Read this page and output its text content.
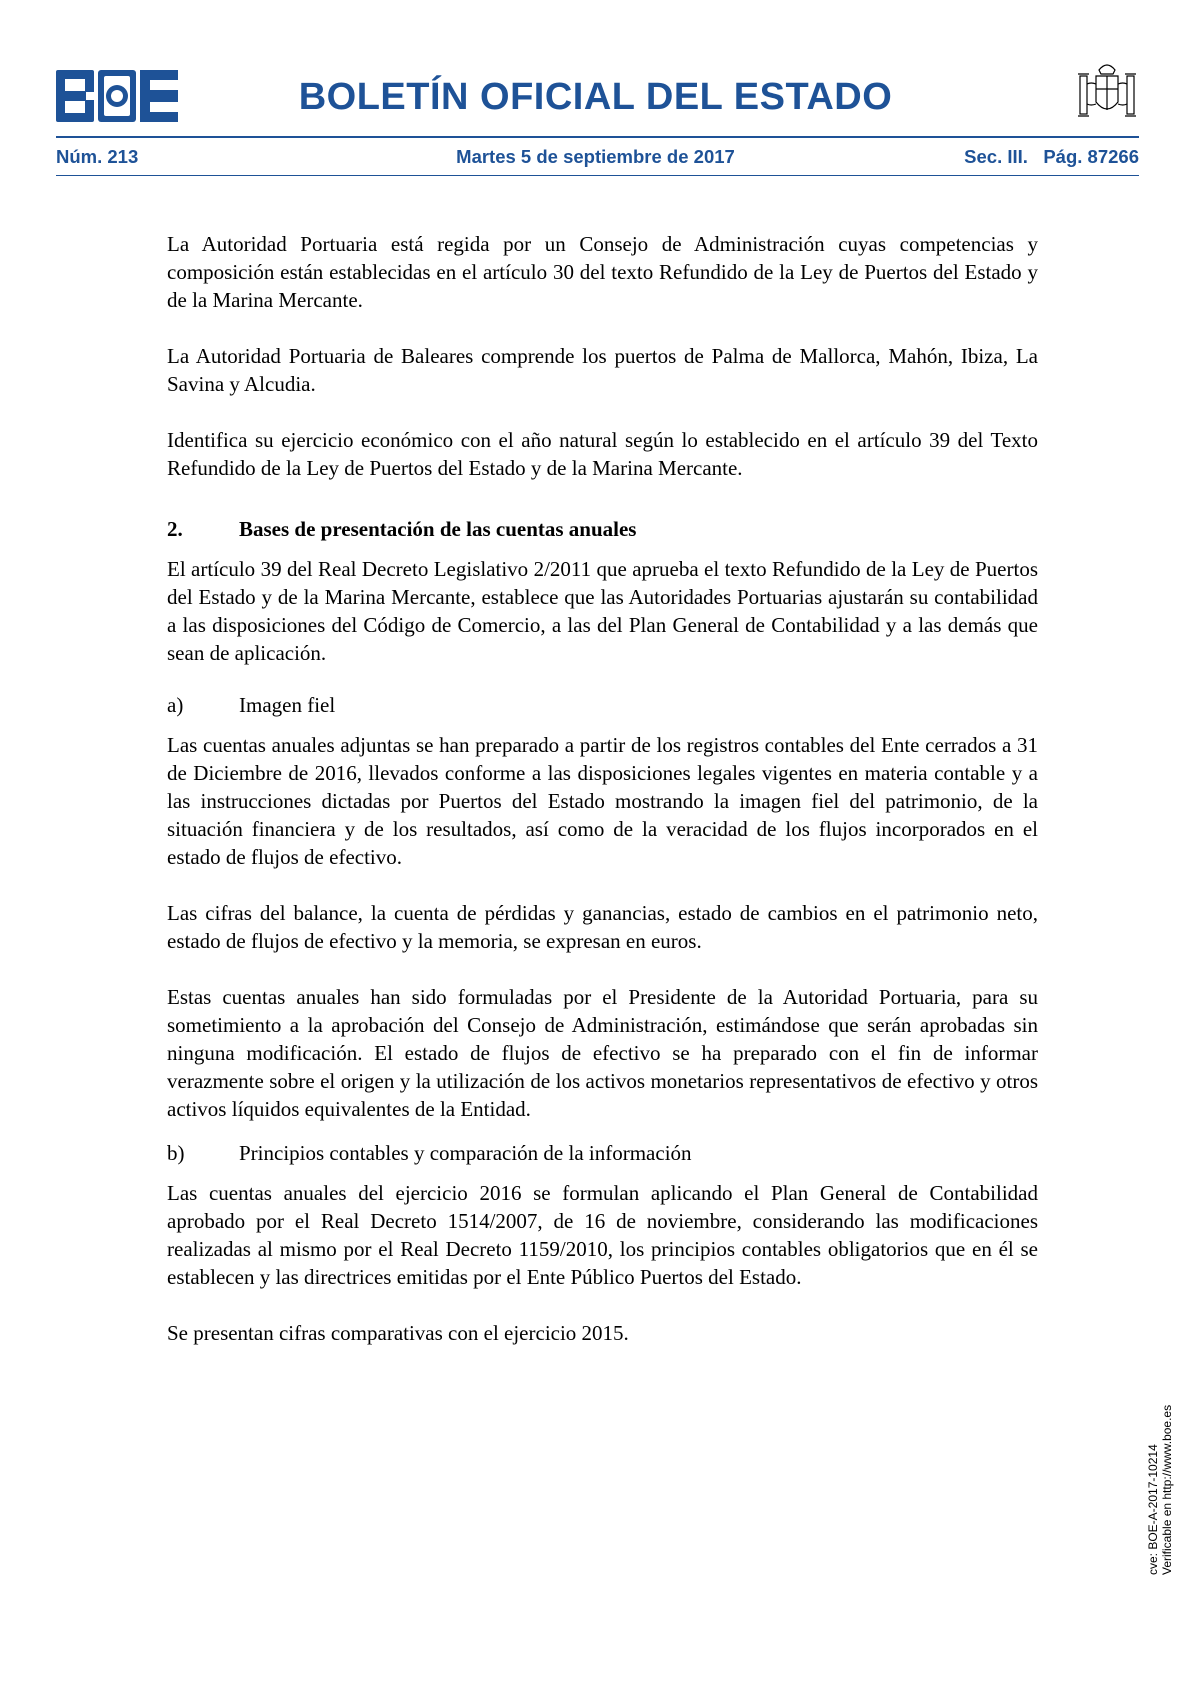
BOLETÍN OFICIAL DEL ESTADO
Núm. 213	Martes 5 de septiembre de 2017	Sec. III.   Pág. 87266

La Autoridad Portuaria está regida por un Consejo de Administración cuyas competencias y composición están establecidas en el artículo 30 del texto Refundido de la Ley de Puertos del Estado y de la Marina Mercante.

La Autoridad Portuaria de Baleares comprende los puertos de Palma de Mallorca, Mahón, Ibiza, La Savina y Alcudia.

Identifica su ejercicio económico con el año natural según lo establecido en el artículo 39 del Texto Refundido de la Ley de Puertos del Estado y de la Marina Mercante.

2.	Bases de presentación de las cuentas anuales

El artículo 39 del Real Decreto Legislativo 2/2011 que aprueba el texto Refundido de la Ley de Puertos del Estado y de la Marina Mercante, establece que las Autoridades Portuarias ajustarán su contabilidad a las disposiciones del Código de Comercio, a las del Plan General de Contabilidad y a las demás que sean de aplicación.

a)	Imagen fiel

Las cuentas anuales adjuntas se han preparado a partir de los registros contables del Ente cerrados a 31 de Diciembre de 2016, llevados conforme a las disposiciones legales vigentes en materia contable y a las instrucciones dictadas por Puertos del Estado mostrando la imagen fiel del patrimonio, de la situación financiera y de los resultados, así como de la veracidad de los flujos incorporados en el estado de flujos de efectivo.

Las cifras del balance, la cuenta de pérdidas y ganancias, estado de cambios en el patrimonio neto, estado de flujos de efectivo y la memoria, se expresan en euros.

Estas cuentas anuales han sido formuladas por el Presidente de la Autoridad Portuaria, para su sometimiento a la aprobación del Consejo de Administración, estimándose que serán aprobadas sin ninguna modificación. El estado de flujos de efectivo se ha preparado con el fin de informar verazmente sobre el origen y la utilización de los activos monetarios representativos de efectivo y otros activos líquidos equivalentes de la Entidad.

b)	Principios contables y comparación de la información

Las cuentas anuales del ejercicio 2016 se formulan aplicando el Plan General de Contabilidad aprobado por el Real Decreto 1514/2007, de 16 de noviembre, considerando las modificaciones realizadas al mismo por el Real Decreto 1159/2010, los principios contables obligatorios que en él se establecen y las directrices emitidas por el Ente Público Puertos del Estado.

Se presentan cifras comparativas con el ejercicio 2015.

cve: BOE-A-2017-10214 Verificable en http://www.boe.es
